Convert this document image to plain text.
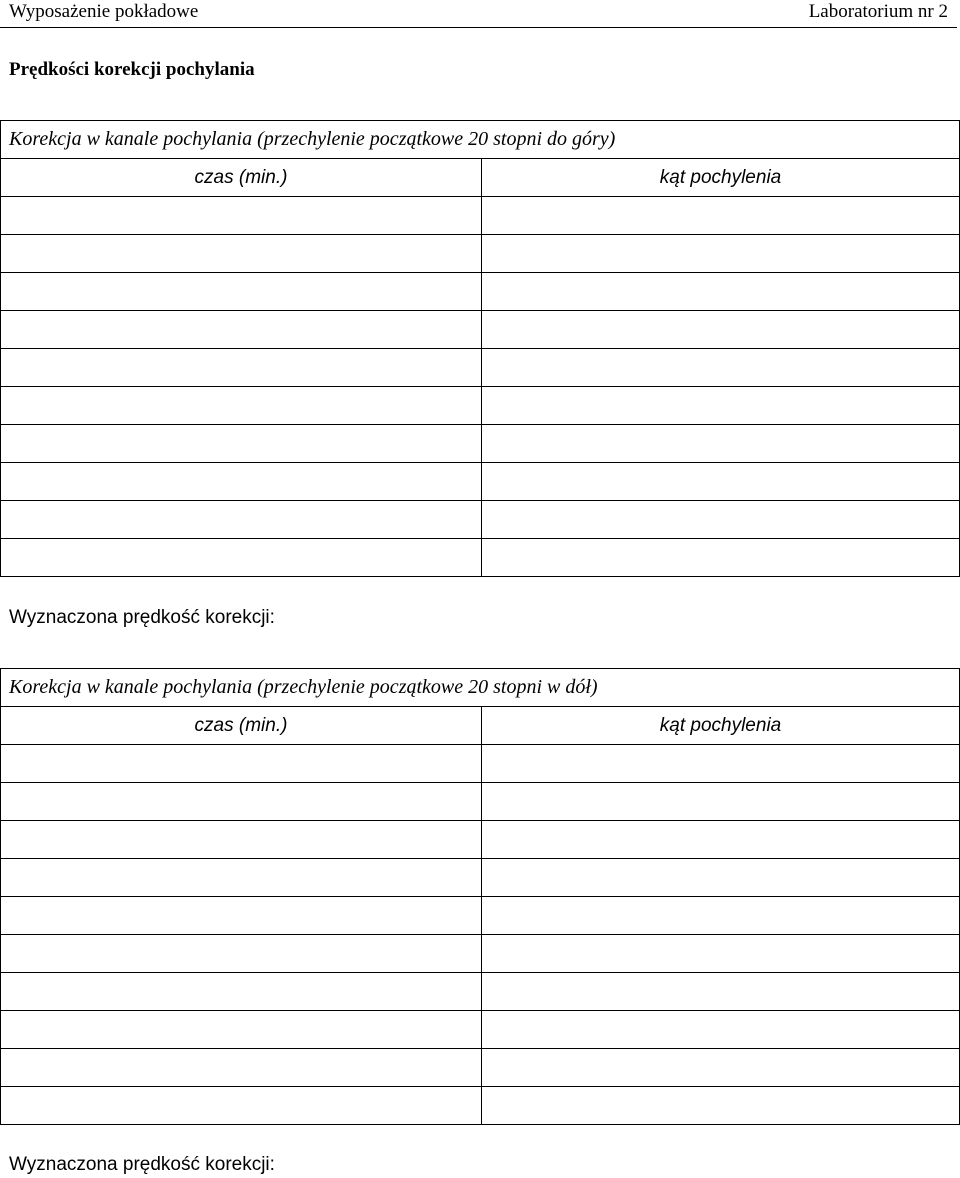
Wyposażenie pokładowe	Laboratorium nr 2
Prędkości korekcji pochylania
Korekcja w kanale pochylania (przechylenie początkowe 20 stopni do góry)	
czas (min.)	kąt pochylenia

Wyznaczona prędkość korekcji:
Korekcja w kanale pochylania (przechylenie początkowe 20 stopni w dół)	
czas (min.)	kąt pochylenia

Wyznaczona prędkość korekcji:
